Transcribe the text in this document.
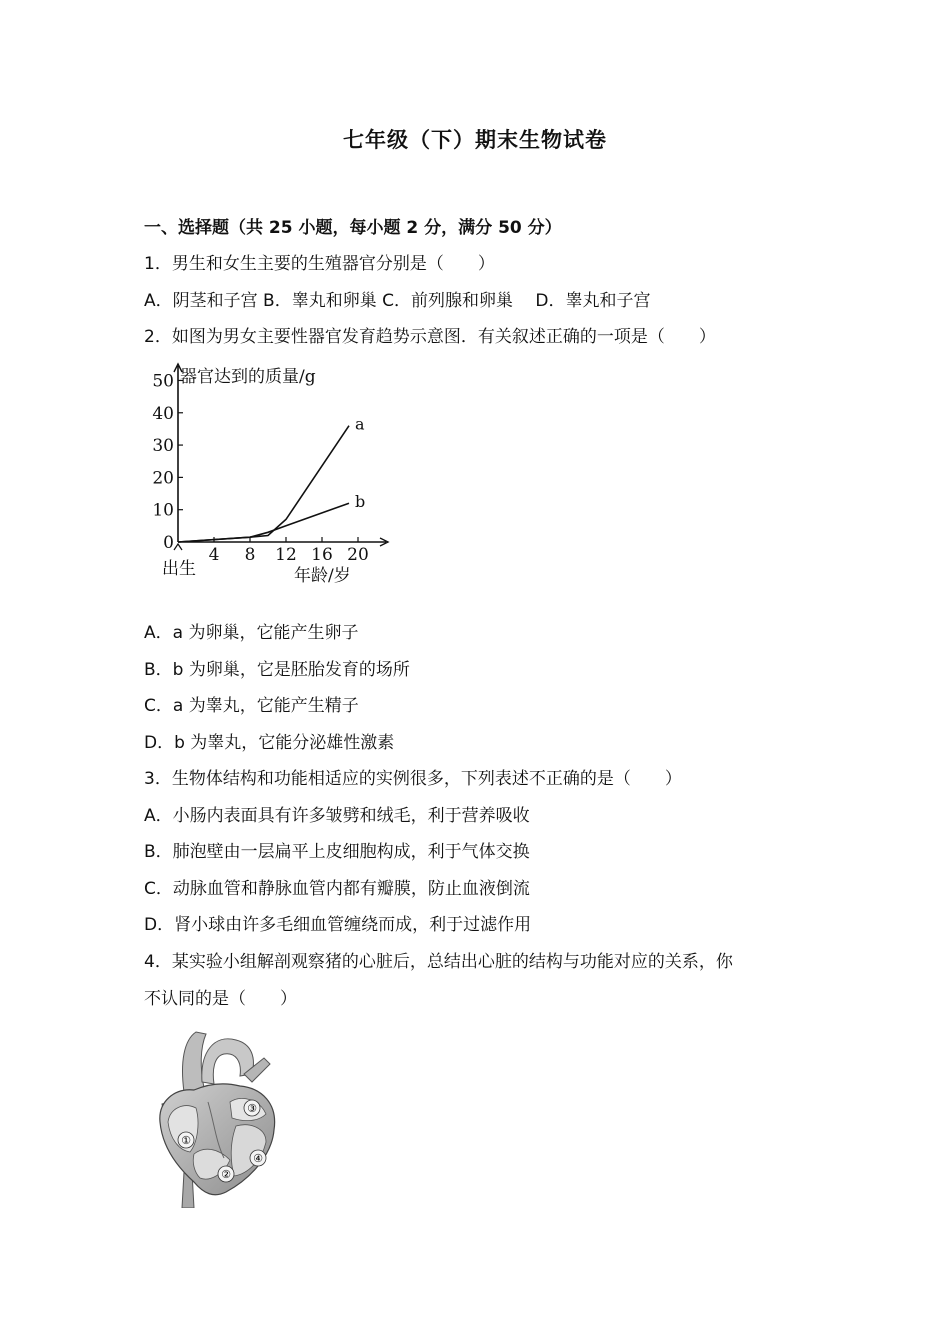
七年级（下）期末生物试卷
一、选择题（共 25 小题，每小题 2 分，满分 50 分）
1．男生和女生主要的生殖器官分别是（　　）
A．阴茎和子宫 B．睾丸和卵巢 C．前列腺和卵巢　 D．睾丸和子宫
2．如图为男女主要性器官发育趋势示意图．有关叙述正确的一项是（　　）
0
10
20
30
40
50
4 8 12 16 20
a
b
器官达到的质量/g
年龄/岁
出生
A．a 为卵巢，它能产生卵子
B．b 为卵巢，它是胚胎发育的场所
C．a 为睾丸，它能产生精子
D．b 为睾丸，它能分泌雄性激素
3．生物体结构和功能相适应的实例很多，下列表述不正确的是（　　）
A．小肠内表面具有许多皱劈和绒毛，利于营养吸收
B．肺泡壁由一层扁平上皮细胞构成，利于气体交换
C．动脉血管和静脉血管内都有瓣膜，防止血液倒流
D．肾小球由许多毛细血管缠绕而成，利于过滤作用
4．某实验小组解剖观察猪的心脏后，总结出心脏的结构与功能对应的关系，你
不认同的是（　　）
①
②
③
④
